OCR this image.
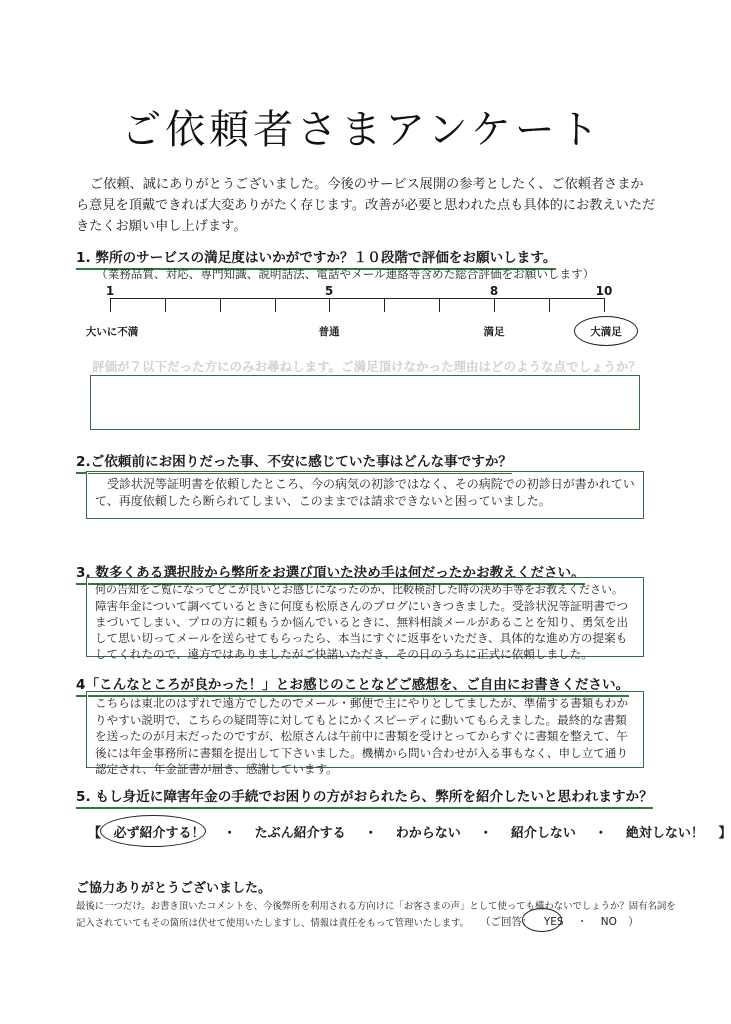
ご依頼者さまアンケート
ご依頼、誠にありがとうございました。今後のサービス展開の参考としたく、ご依頼者さまから意見を頂戴できれば大変ありがたく存じます。改善が必要と思われた点も具体的にお教えいただきたくお願い申し上げます。
1. 弊所のサービスの満足度はいかがですか？１０段階で評価をお願いします。
（業務品質、対応、専門知識、説明話法、電話やメール連絡等含めた総合評価をお願いします）
1	5	8	10
大いに不満	普通	満足	大満足
評価が７以下だった方にのみお尋ねします。ご満足頂けなかった理由はどのような点でしょうか？
2.ご依頼前にお困りだった事、不安に感じていた事はどんな事ですか？
受診状況等証明書を依頼したところ、今の病気の初診ではなく、その病院での初診日が書かれていて、再度依頼したら断られてしまい、このままでは請求できないと困っていました。
3. 数多くある選択肢から弊所をお選び頂いた決め手は何だったかお教えください。
何の告知をご覧になってどこが良いとお感じになったのか、比較検討した時の決め手等をお教えください。
障害年金について調べているときに何度も松原さんのブログにいきつきました。受診状況等証明書でつまづいてしまい、プロの方に頼もうか悩んでいるときに、無料相談メールがあることを知り、勇気を出して思い切ってメールを送らせてもらったら、本当にすぐに返事をいただき、具体的な進め方の提案もしてくれたので、遠方ではありましたがご快諾いただき、その日のうちに正式に依頼しました。
4「こんなところが良かった！」とお感じのことなどご感想を、ご自由にお書きください。
こちらは東北のはずれで遠方でしたのでメール・郵便で主にやりとしてましたが、準備する書類もわかりやすい説明で、こちらの疑問等に対してもとにかくスピーディに動いてもらえました。最終的な書類を送ったのが月末だったのですが、松原さんは午前中に書類を受けとってからすぐに書類を整えて、午後には年金事務所に書類を提出して下さいました。機構から問い合わせが入る事もなく、申し立て通り認定され、年金証書が届き、感謝しています。
5. もし身近に障害年金の手続でお困りの方がおられたら、弊所を紹介したいと思われますか？
【 必ず紹介する！ ・ たぶん紹介する ・ わからない ・ 紹介しない ・ 絶対しない！ 】
ご協力ありがとうございました。
最後に一つだけ。お書き頂いたコメントを、今後弊所を利用される方向けに「お客さまの声」として使っても構わないでしょうか？固有名詞を
記入されていてもその箇所は伏せて使用いたしますし、情報は責任をもって管理いたします。	（ご回答： YES ・ NO ）
